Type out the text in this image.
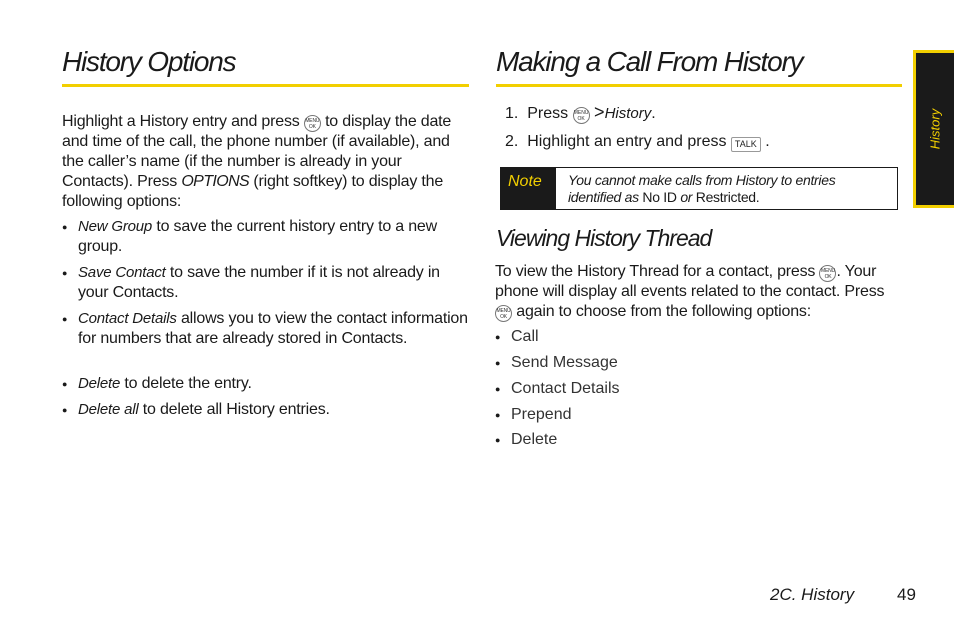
History Options
Highlight a History entry and press MENU
OK to display the date and time of the call, the phone number (if available), and the caller’s name (if the number is already in your Contacts). Press OPTIONS (right softkey) to display the following options:
● New Group to save the current history entry to a new group.
● Save Contact to save the number if it is not already in your Contacts.
● Contact Details allows you to view the contact information for numbers that are already stored in Contacts.
● Delete to delete the entry.
● Delete all to delete all History entries.
Making a Call From History
1. Press MENU
OK >History.
2. Highlight an entry and press TALK .
Note	You cannot make calls from History to entries identified as No ID or Restricted.
Viewing History Thread
To view the History Thread for a contact, press MENU
OK . Your phone will display all events related to the contact. Press MENU
OK again to choose from the following options:
● Call
● Send Message
● Contact Details
● Prepend
● Delete
History
2C. History	49
